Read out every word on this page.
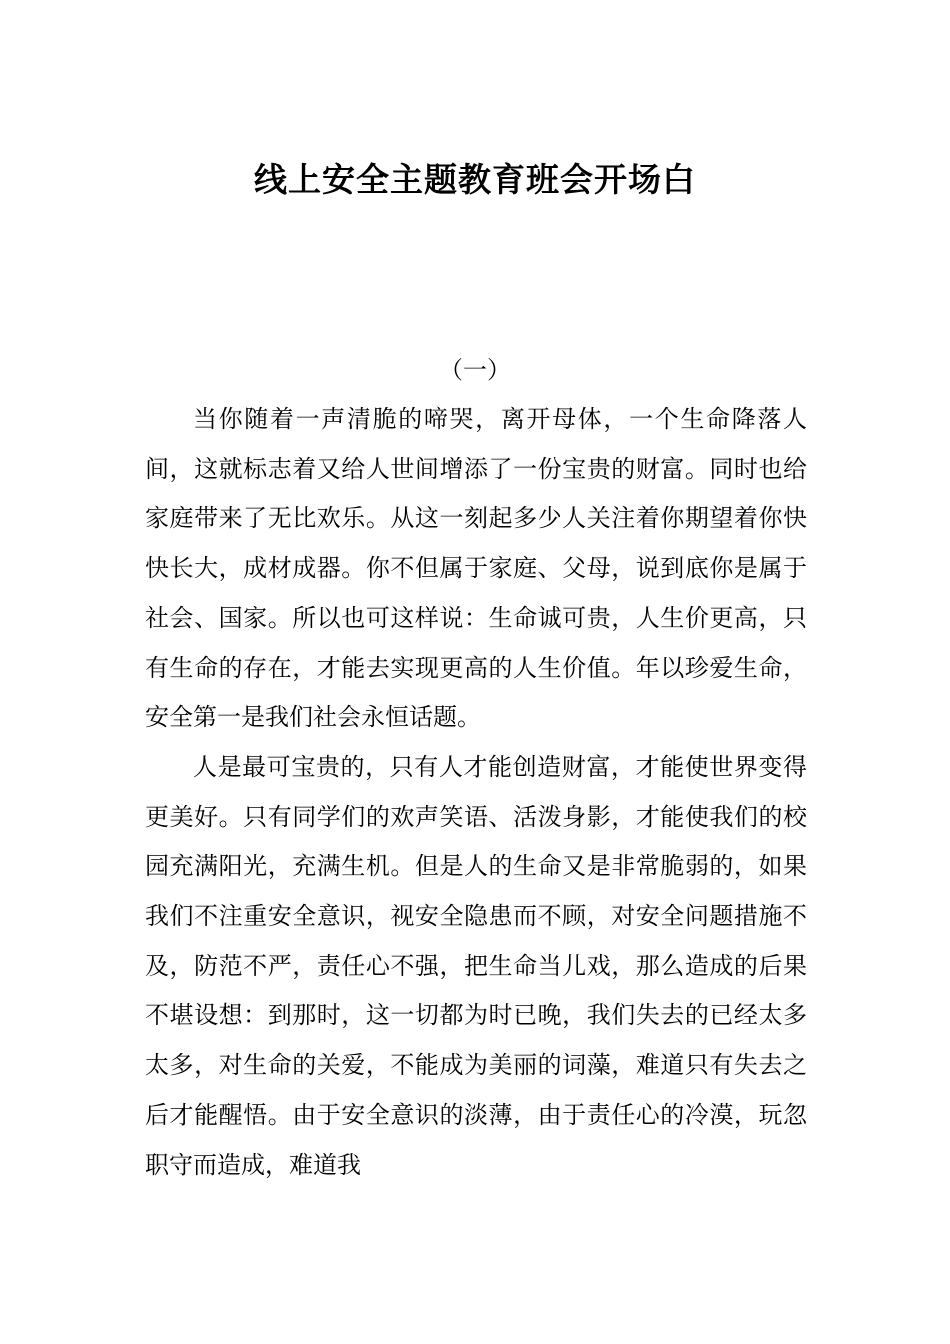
线上安全主题教育班会开场白
（一）

当你随着一声清脆的啼哭，离开母体，一个生命降落人间，这就标志着又给人世间增添了一份宝贵的财富。同时也给家庭带来了无比欢乐。从这一刻起多少人关注着你期望着你快快长大，成材成器。你不但属于家庭、父母，说到底你是属于社会、国家。所以也可这样说：生命诚可贵，人生价更高，只有生命的存在，才能去实现更高的人生价值。年以珍爱生命，安全第一是我们社会永恒话题。

人是最可宝贵的，只有人才能创造财富，才能使世界变得更美好。只有同学们的欢声笑语、活泼身影，才能使我们的校园充满阳光，充满生机。但是人的生命又是非常脆弱的，如果我们不注重安全意识，视安全隐患而不顾，对安全问题措施不及，防范不严，责任心不强，把生命当儿戏，那么造成的后果不堪设想：到那时，这一切都为时已晚，我们失去的已经太多太多，对生命的关爱，不能成为美丽的词藻，难道只有失去之后才能醒悟。由于安全意识的淡薄，由于责任心的冷漠，玩忽职守而造成，难道我
